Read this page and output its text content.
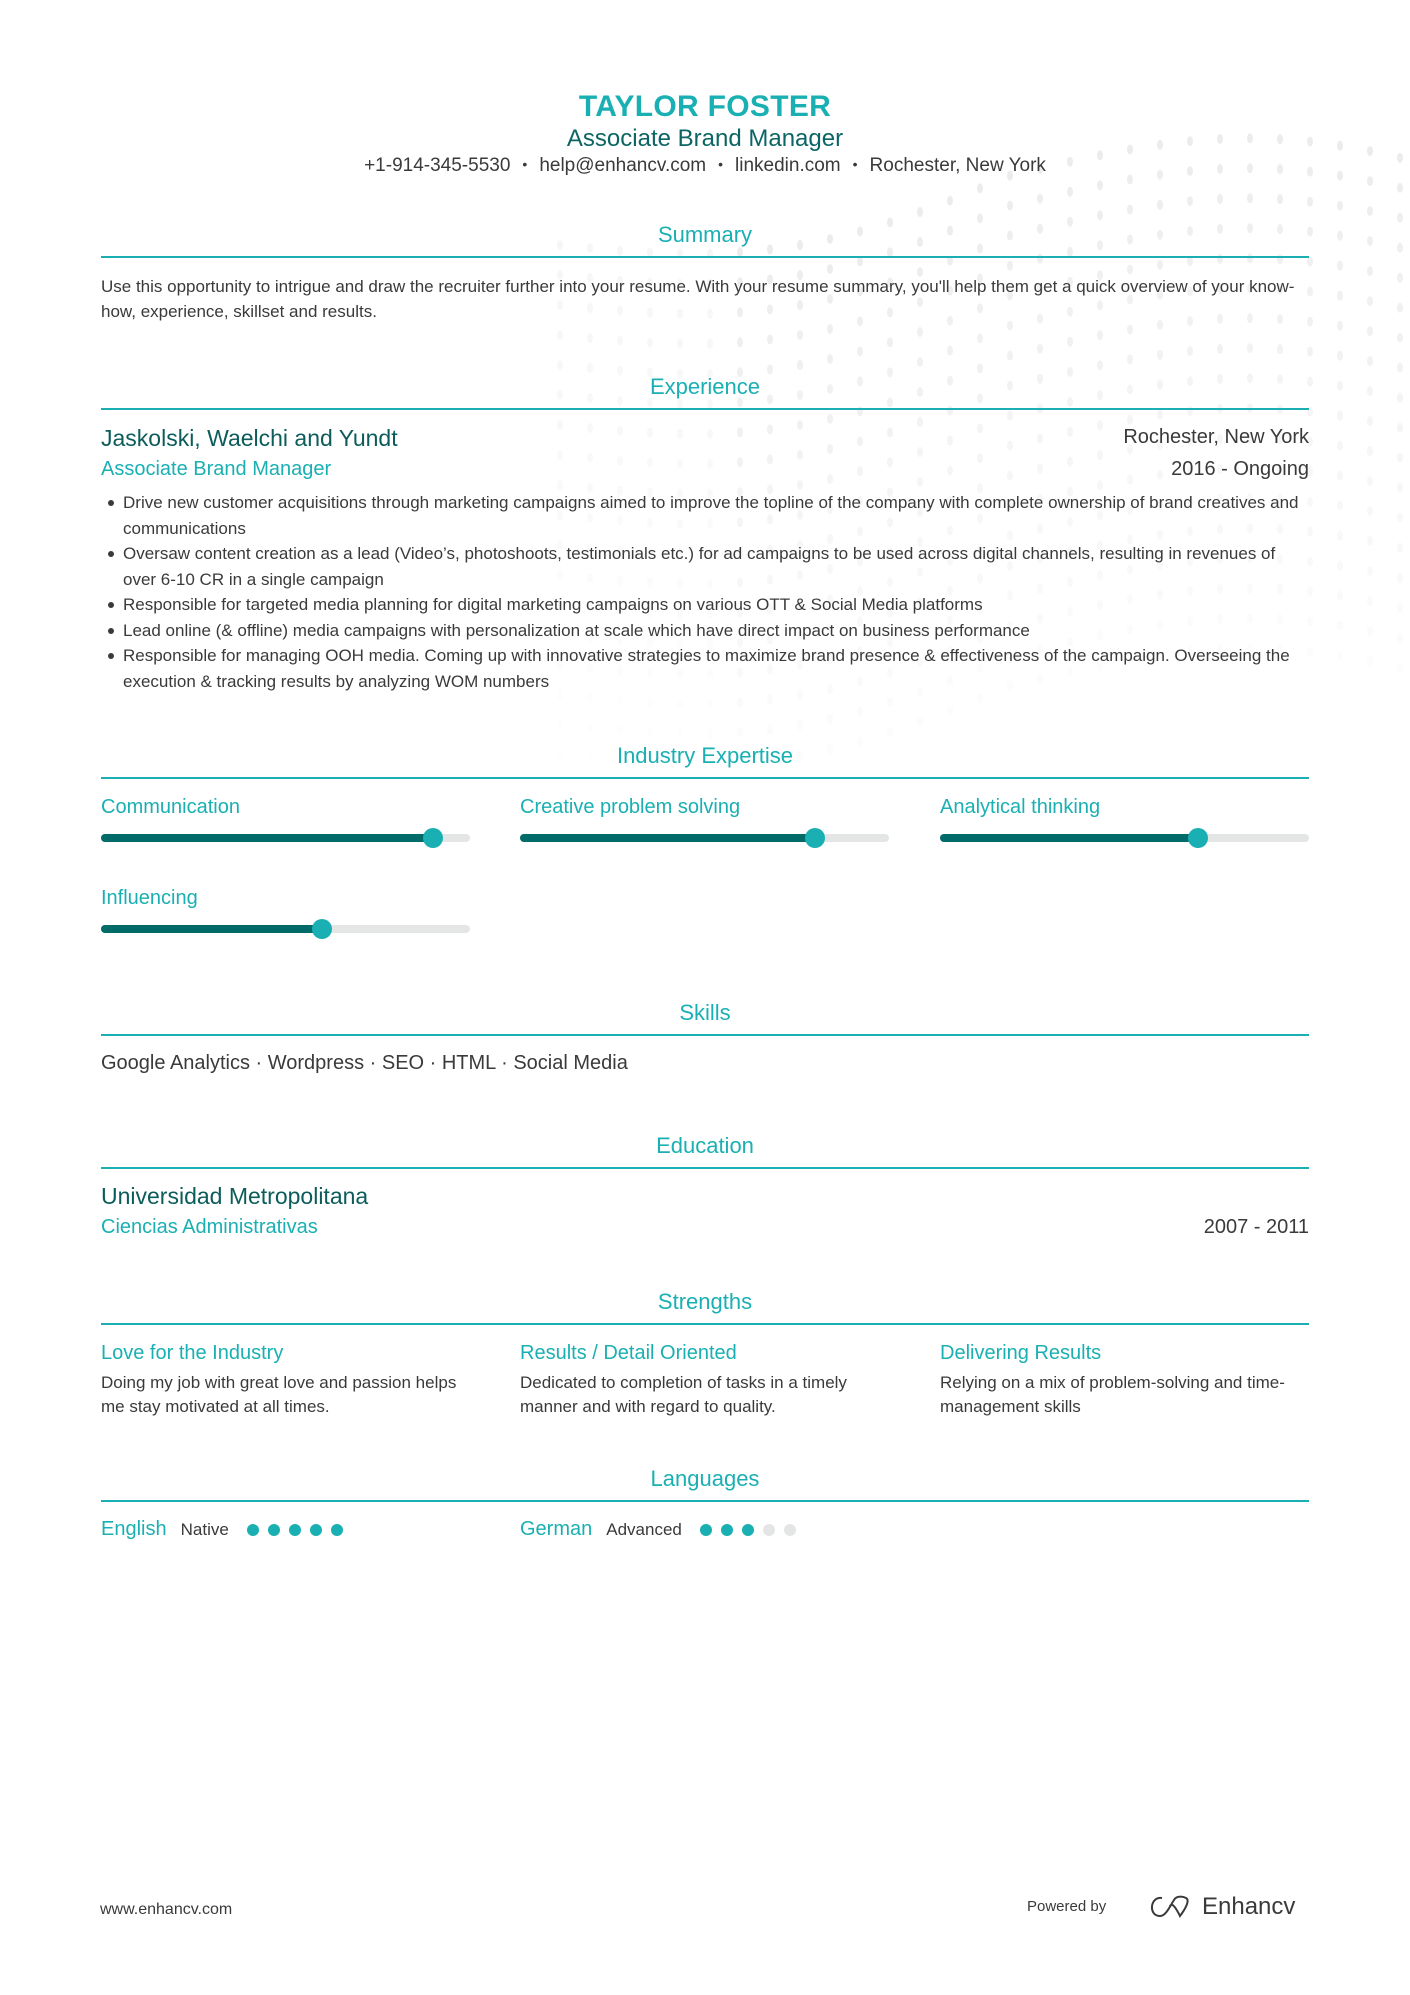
TAYLOR FOSTER
Associate Brand Manager
+1-914-345-5530 • help@enhancv.com • linkedin.com • Rochester, New York
Summary
Use this opportunity to intrigue and draw the recruiter further into your resume. With your resume summary, you'll help them get a quick overview of your know-how, experience, skillset and results.
Experience
Jaskolski, Waelchi and Yundt	Rochester, New York
Associate Brand Manager	2016 - Ongoing
Drive new customer acquisitions through marketing campaigns aimed to improve the topline of the company with complete ownership of brand creatives and communications
Oversaw content creation as a lead (Video’s, photoshoots, testimonials etc.) for ad campaigns to be used across digital channels, resulting in revenues of over 6-10 CR in a single campaign
Responsible for targeted media planning for digital marketing campaigns on various OTT & Social Media platforms
Lead online (& offline) media campaigns with personalization at scale which have direct impact on business performance
Responsible for managing OOH media. Coming up with innovative strategies to maximize brand presence & effectiveness of the campaign. Overseeing the execution & tracking results by analyzing WOM numbers
Industry Expertise
Communication	Creative problem solving	Analytical thinking
Influencing
Skills
Google Analytics · Wordpress · SEO · HTML · Social Media
Education
Universidad Metropolitana
Ciencias Administrativas	2007 - 2011
Strengths
Love for the Industry
Doing my job with great love and passion helps me stay motivated at all times.
Results / Detail Oriented
Dedicated to completion of tasks in a timely manner and with regard to quality.
Delivering Results
Relying on a mix of problem-solving and time-management skills
Languages
English Native	German Advanced
www.enhancv.com	Powered by	Enhancv
